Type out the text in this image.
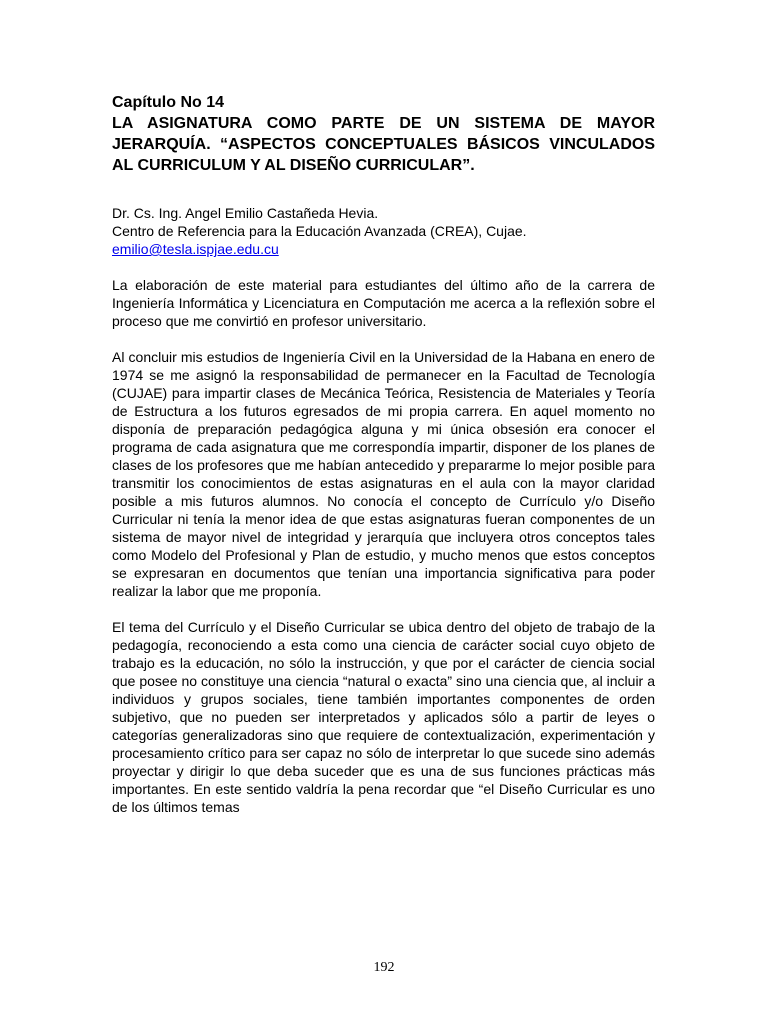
Capítulo No 14
LA ASIGNATURA COMO PARTE DE UN SISTEMA DE MAYOR JERARQUÍA. “ASPECTOS CONCEPTUALES BÁSICOS VINCULADOS AL CURRICULUM Y AL DISEÑO CURRICULAR”.
Dr. Cs. Ing. Angel Emilio Castañeda Hevia.
Centro de Referencia para la Educación Avanzada (CREA), Cujae.
emilio@tesla.ispjae.edu.cu

La elaboración de este material para estudiantes del último año de la carrera de Ingeniería Informática y Licenciatura en Computación me acerca a la reflexión sobre el proceso que me convirtió en profesor universitario.

Al concluir mis estudios de Ingeniería Civil en la Universidad de la Habana en enero de 1974 se me asignó la responsabilidad de permanecer en la Facultad de Tecnología (CUJAE) para impartir clases de Mecánica Teórica, Resistencia de Materiales y Teoría de Estructura a los futuros egresados de mi propia carrera. En aquel momento no disponía de preparación pedagógica alguna y mi única obsesión era conocer el programa de cada asignatura que me correspondía impartir, disponer de los planes de clases de los profesores que me habían antecedido y prepararme lo mejor posible para transmitir los conocimientos de estas asignaturas en el aula con la mayor claridad posible a mis futuros alumnos. No conocía el concepto de Currículo y/o Diseño Curricular ni tenía la menor idea de que estas asignaturas fueran componentes de un sistema de mayor nivel de integridad y jerarquía que incluyera otros conceptos tales como Modelo del Profesional y Plan de estudio, y mucho menos que estos conceptos se expresaran en documentos que tenían una importancia significativa para poder realizar la labor que me proponía.

El tema del Currículo y el Diseño Curricular se ubica dentro del objeto de trabajo de la pedagogía, reconociendo a esta como una ciencia de carácter social cuyo objeto de trabajo es la educación, no sólo la instrucción, y que por el carácter de ciencia social que posee no constituye una ciencia “natural o exacta” sino una ciencia que, al incluir a individuos y grupos sociales, tiene también importantes componentes de orden subjetivo, que no pueden ser interpretados y aplicados sólo a partir de leyes o categorías generalizadoras sino que requiere de contextualización, experimentación y procesamiento crítico para ser capaz no sólo de interpretar lo que sucede sino además proyectar y dirigir lo que deba suceder que es una de sus funciones prácticas más importantes. En este sentido valdría la pena recordar que “el Diseño Curricular es uno de los últimos temas

192
